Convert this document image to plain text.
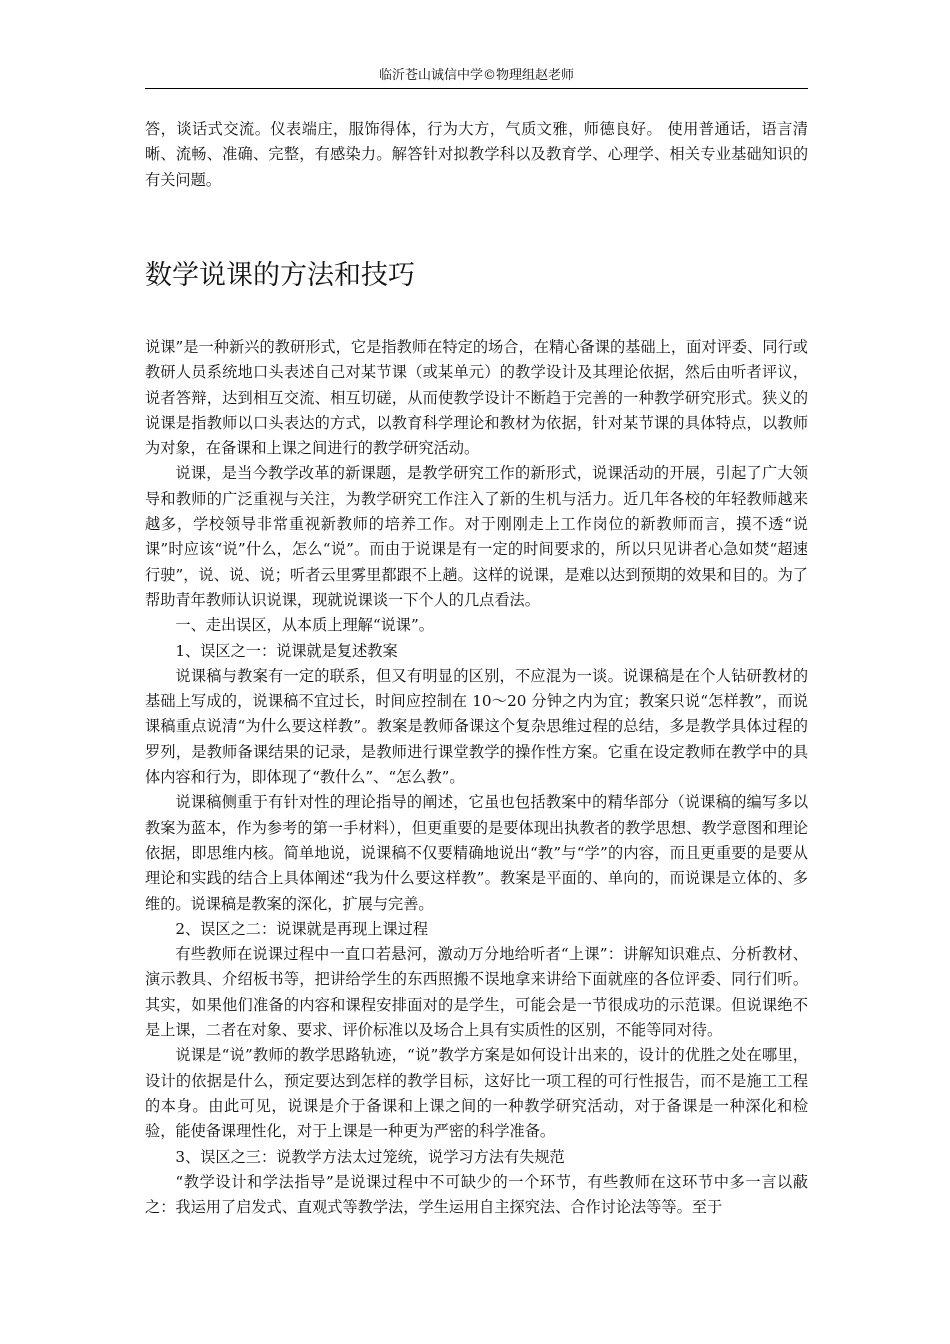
临沂苍山诚信中学©物理组赵老师

答，谈话式交流。仪表端庄，服饰得体，行为大方，气质文雅，师德良好。 使用普通话，语言清晰、流畅、准确、完整，有感染力。解答针对拟教学科以及教育学、心理学、相关专业基础知识的有关问题。

数学说课的方法和技巧

说课”是一种新兴的教研形式，它是指教师在特定的场合，在精心备课的基础上，面对评委、同行或教研人员系统地口头表述自己对某节课（或某单元）的教学设计及其理论依据，然后由听者评议，说者答辩，达到相互交流、相互切磋，从而使教学设计不断趋于完善的一种教学研究形式。狭义的说课是指教师以口头表达的方式，以教育科学理论和教材为依据，针对某节课的具体特点，以教师为对象，在备课和上课之间进行的教学研究活动。

说课，是当今教学改革的新课题，是教学研究工作的新形式，说课活动的开展，引起了广大领导和教师的广泛重视与关注，为教学研究工作注入了新的生机与活力。近几年各校的年轻教师越来越多，学校领导非常重视新教师的培养工作。对于刚刚走上工作岗位的新教师而言，摸不透“说课”时应该“说”什么，怎么“说”。而由于说课是有一定的时间要求的，所以只见讲者心急如焚“超速行驶”，说、说、说；听者云里雾里都跟不上趟。这样的说课，是难以达到预期的效果和目的。为了帮助青年教师认识说课，现就说课谈一下个人的几点看法。

一、走出误区，从本质上理解“说课”。

1、误区之一：说课就是复述教案

说课稿与教案有一定的联系，但又有明显的区别，不应混为一谈。说课稿是在个人钻研教材的基础上写成的，说课稿不宜过长，时间应控制在 10～20 分钟之内为宜；教案只说“怎样教”，而说课稿重点说清“为什么要这样教”。教案是教师备课这个复杂思维过程的总结，多是教学具体过程的罗列，是教师备课结果的记录，是教师进行课堂教学的操作性方案。它重在设定教师在教学中的具体内容和行为，即体现了“教什么”、“怎么教”。

说课稿侧重于有针对性的理论指导的阐述，它虽也包括教案中的精华部分（说课稿的编写多以教案为蓝本，作为参考的第一手材料），但更重要的是要体现出执教者的教学思想、教学意图和理论依据，即思维内核。简单地说，说课稿不仅要精确地说出“教”与“学”的内容，而且更重要的是要从理论和实践的结合上具体阐述“我为什么要这样教”。教案是平面的、单向的，而说课是立体的、多维的。说课稿是教案的深化，扩展与完善。

2、误区之二：说课就是再现上课过程

有些教师在说课过程中一直口若悬河，激动万分地给听者“上课”：讲解知识难点、分析教材、演示教具、介绍板书等，把讲给学生的东西照搬不误地拿来讲给下面就座的各位评委、同行们听。其实，如果他们准备的内容和课程安排面对的是学生，可能会是一节很成功的示范课。但说课绝不是上课，二者在对象、要求、评价标准以及场合上具有实质性的区别，不能等同对待。

说课是“说”教师的教学思路轨迹，“说”教学方案是如何设计出来的，设计的优胜之处在哪里，设计的依据是什么，预定要达到怎样的教学目标，这好比一项工程的可行性报告，而不是施工工程的本身。由此可见，说课是介于备课和上课之间的一种教学研究活动，对于备课是一种深化和检验，能使备课理性化，对于上课是一种更为严密的科学准备。

3、误区之三：说教学方法太过笼统，说学习方法有失规范

“教学设计和学法指导”是说课过程中不可缺少的一个环节，有些教师在这环节中多一言以蔽之：我运用了启发式、直观式等教学法，学生运用自主探究法、合作讨论法等等。至于
